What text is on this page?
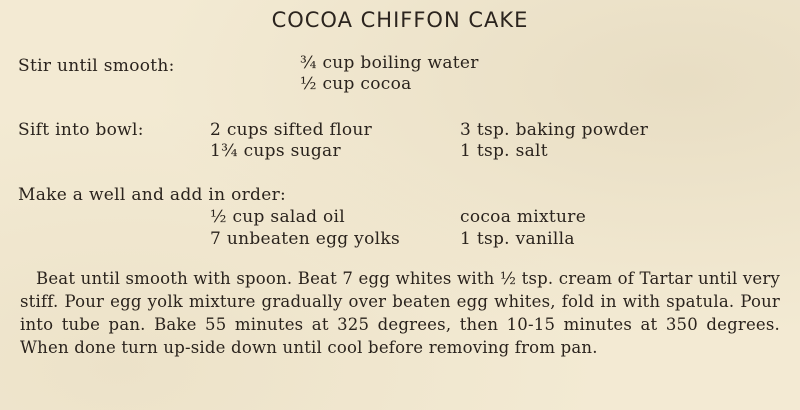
COCOA CHIFFON CAKE
Stir until smooth:	¾ cup boiling water
½ cup cocoa
Sift into bowl:	2 cups sifted flour
1¾ cups sugar
3 tsp. baking powder
1 tsp. salt
Make a well and add in order:
½ cup salad oil
7 unbeaten egg yolks
cocoa mixture
1 tsp. vanilla
Beat until smooth with spoon. Beat 7 egg whites with ½ tsp. cream of Tartar until very stiff. Pour egg yolk mixture gradually over beaten egg whites, fold in with spatula. Pour into tube pan. Bake 55 minutes at 325 degrees, then 10-15 minutes at 350 degrees. When done turn up-side down until cool before removing from pan.
